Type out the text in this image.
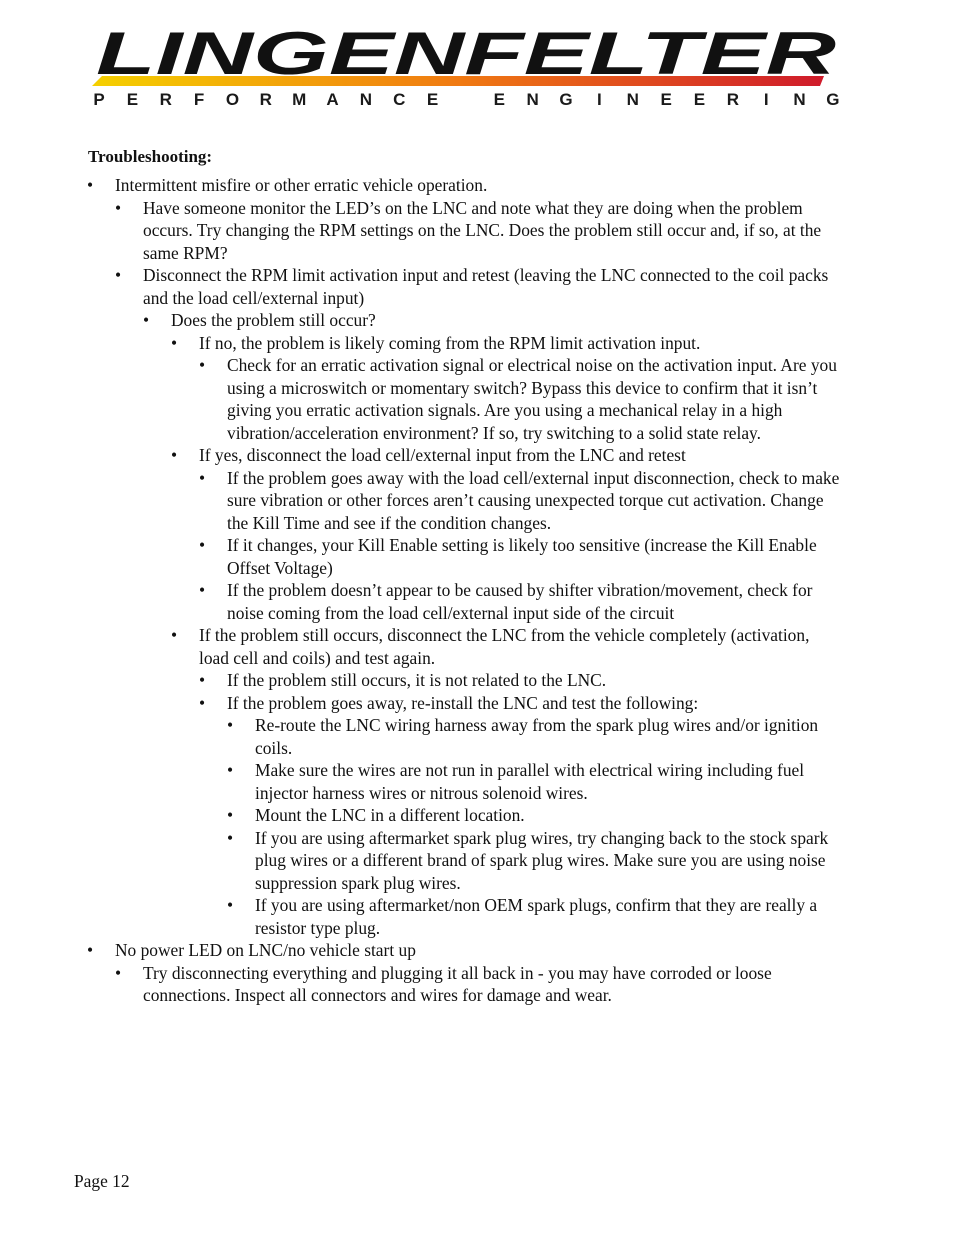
LINGENFELTER
P	E	R	F	O R M A N C	E	E	N G	I	N	E	E	R	I	N G
Troubleshooting:
• Intermittent misfire or other erratic vehicle operation.
• Have someone monitor the LED’s on the LNC and note what they are doing when the problem occurs. Try changing the RPM settings on the LNC. Does the problem still occur and, if so, at the same RPM?
• Disconnect the RPM limit activation input and retest (leaving the LNC connected to the coil packs and the load cell/external input)
• Does the problem still occur?
• If no, the problem is likely coming from the RPM limit activation input.
• Check for an erratic activation signal or electrical noise on the activation input. Are you using a microswitch or momentary switch? Bypass this device to confirm that it isn’t giving you erratic activation signals. Are you using a mechanical relay in a high vibration/acceleration environment? If so, try switching to a solid state relay.
• If yes, disconnect the load cell/external input from the LNC and retest
• If the problem goes away with the load cell/external input disconnection, check to make sure vibration or other forces aren’t causing unexpected torque cut activation. Change the Kill Time and see if the condition changes.
• If it changes, your Kill Enable setting is likely too sensitive (increase the Kill Enable Offset Voltage)
• If the problem doesn’t appear to be caused by shifter vibration/movement, check for noise coming from the load cell/external input side of the circuit
• If the problem still occurs, disconnect the LNC from the vehicle completely (activation, load cell and coils) and test again.
• If the problem still occurs, it is not related to the LNC.
• If the problem goes away, re-install the LNC and test the following:
• Re-route the LNC wiring harness away from the spark plug wires and/or ignition coils.
• Make sure the wires are not run in parallel with electrical wiring including fuel injector harness wires or nitrous solenoid wires.
• Mount the LNC in a different location.
• If you are using aftermarket spark plug wires, try changing back to the stock spark plug wires or a different brand of spark plug wires. Make sure you are using noise suppression spark plug wires.
• If you are using aftermarket/non OEM spark plugs, confirm that they are really a resistor type plug.
• No power LED on LNC/no vehicle start up
• Try disconnecting everything and plugging it all back in - you may have corroded or loose connections. Inspect all connectors and wires for damage and wear.
Page 12
